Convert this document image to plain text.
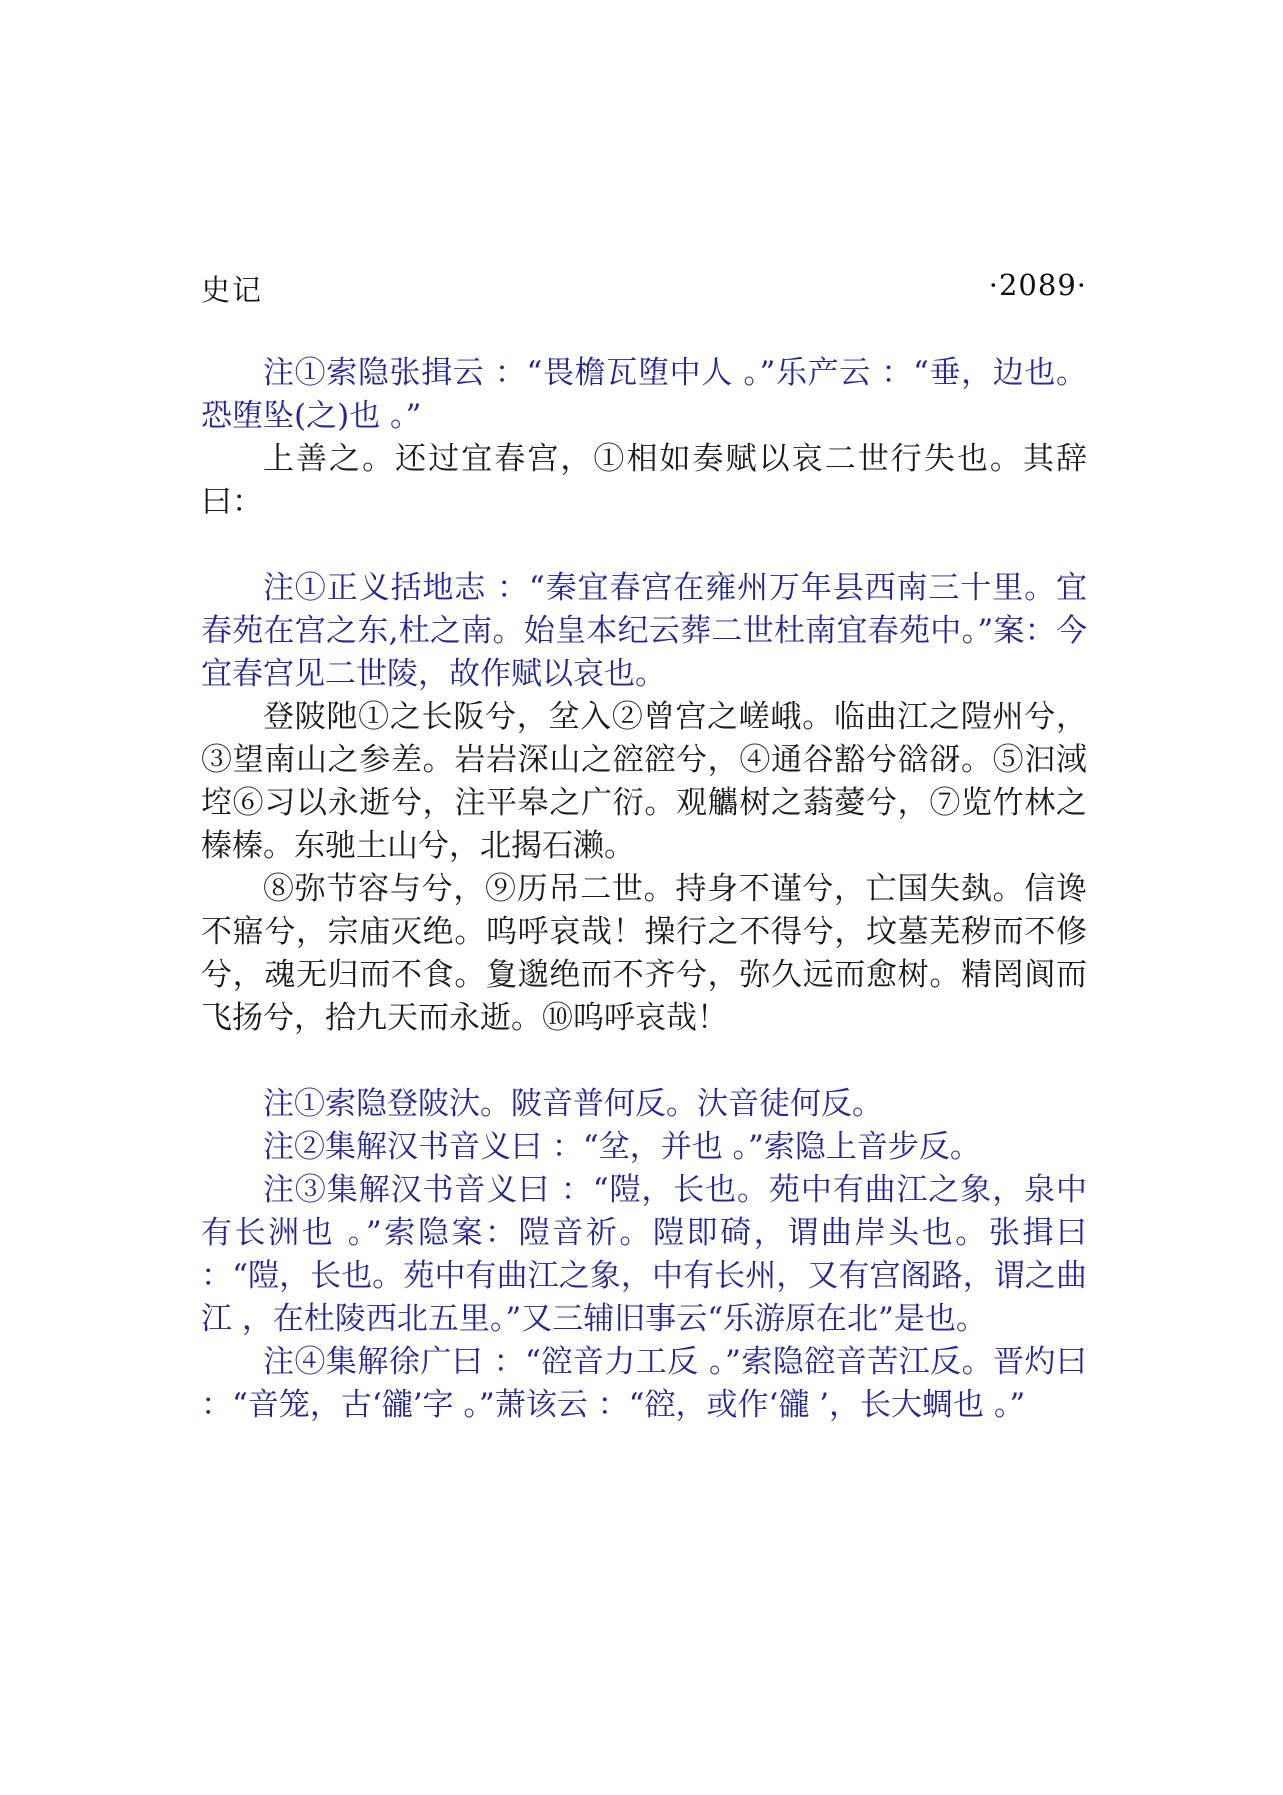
史记	·2089·

注①索隐张揖云 ：“畏檐瓦堕中人 。”乐产云 ：“垂，边也。恐堕坠(之)也 。”

上善之。还过宜春宫，①相如奏赋以哀二世行失也。其辞曰：

注①正义括地志 ：“秦宜春宫在雍州万年县西南三十里。宜春苑在宫之东,杜之南。始皇本纪云葬二世杜南宜春苑中。”案：今宜春宫见二世陵，故作赋以哀也。

登陂阤①之长阪兮，坌入②曾宫之嵯峨。临曲江之隑州兮，③望南山之参差。岩岩深山之谾谾兮，④通谷豁兮谽谺。⑤汩淢埪⑥习以永逝兮，注平皋之广衍。观觿树之蓊薆兮，⑦览竹林之榛榛。东驰土山兮，北揭石濑。

⑧弥节容与兮，⑨历吊二世。持身不谨兮，亡国失埶。信谗不寤兮，宗庙灭绝。呜呼哀哉！操行之不得兮，坟墓芜秽而不修兮，魂无归而不食。夐邈绝而不齐兮，弥久远而愈树。精罔阆而飞扬兮，拾九天而永逝。⑩呜呼哀哉！

注①索隐登陂汏。陂音普何反。汏音徒何反。

注②集解汉书音义曰 ：“坌，并也 。”索隐上音步反。

注③集解汉书音义曰 ：“隑，长也。苑中有曲江之象，泉中有长洲也 。”索隐案：隑音祈。隑即碕，谓曲岸头也。张揖曰 ：“隑，长也。苑中有曲江之象，中有长州，又有宫阁路，谓之曲江 ，在杜陵西北五里。”又三辅旧事云“乐游原在北”是也。

注④集解徐广曰 ：“谾音力工反 。”索隐谾音苦江反。晋灼曰 ：“音笼，古‘豅’字 。”萧该云 ：“谾，或作‘豅 ’，长大蜩也 。”
